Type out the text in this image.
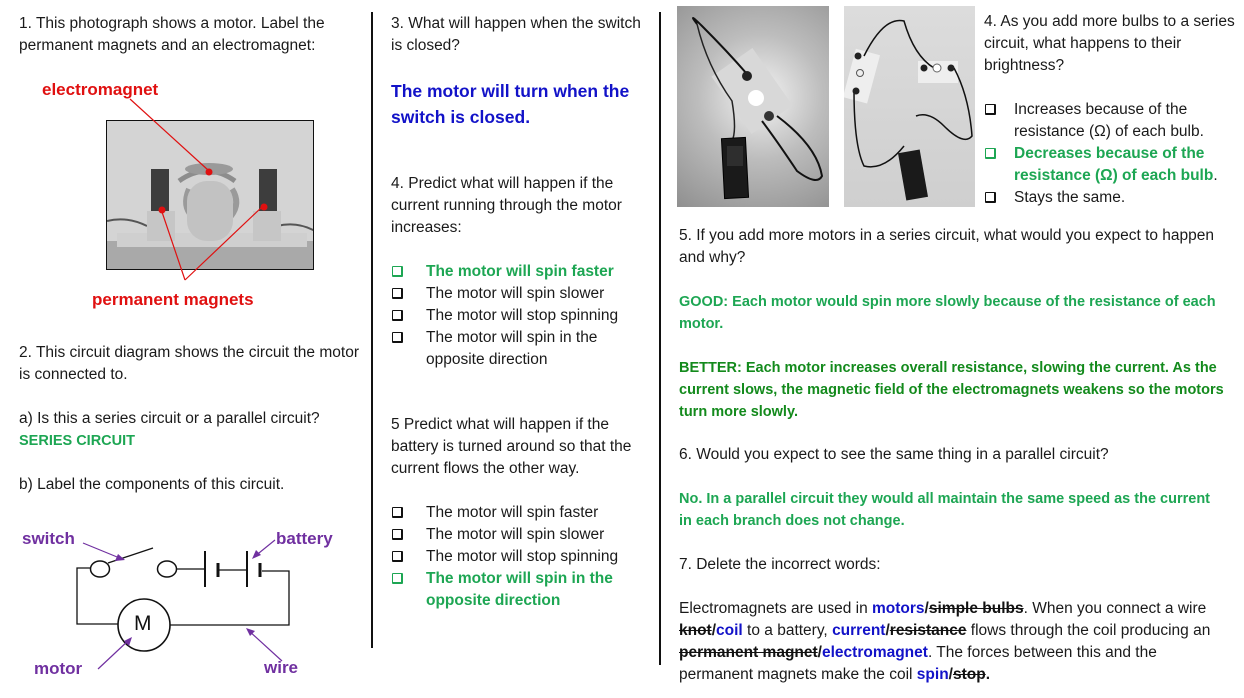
1. This photograph shows a motor. Label the permanent magnets and an electromagnet:

electromagnet
permanent magnets

2. This circuit diagram shows the circuit the motor is connected to.

a) Is this a series circuit or a parallel circuit?

SERIES CIRCUIT

b) Label the components of this circuit.

M
switch	battery
motor	wire

3. What will happen when the switch is closed?

The motor will turn when the switch is closed.

4. Predict what will happen if the current running through the motor increases:

The motor will spin faster
The motor will spin slower
The motor will stop spinning
The motor will spin in the opposite direction

5 Predict what will happen if the battery is turned around so that the current flows the other way.

The motor will spin faster
The motor will spin slower
The motor will stop spinning
The motor will spin in the opposite direction

4. As you add more bulbs to a series circuit, what happens to their brightness?

Increases because of the resistance (Ω) of each bulb.
Decreases because of the resistance (Ω) of each bulb.
Stays the same.

5. If you add more motors in a series circuit, what would you expect to happen and why?

GOOD: Each motor would spin more slowly because of the resistance of each motor.

BETTER: Each motor increases overall resistance, slowing the current. As the current slows, the magnetic field of the electromagnets weakens so the motors turn more slowly.

6. Would you expect to see the same thing in a parallel circuit?

No. In a parallel circuit they would all maintain the same speed as the current in each branch does not change.

7. Delete the incorrect words:

Electromagnets are used in motors/simple bulbs. When you connect a wire knot/coil to a battery, current/resistance flows through the coil producing an permanent magnet/electromagnet. The forces between this and the permanent magnets make the coil spin/stop.
